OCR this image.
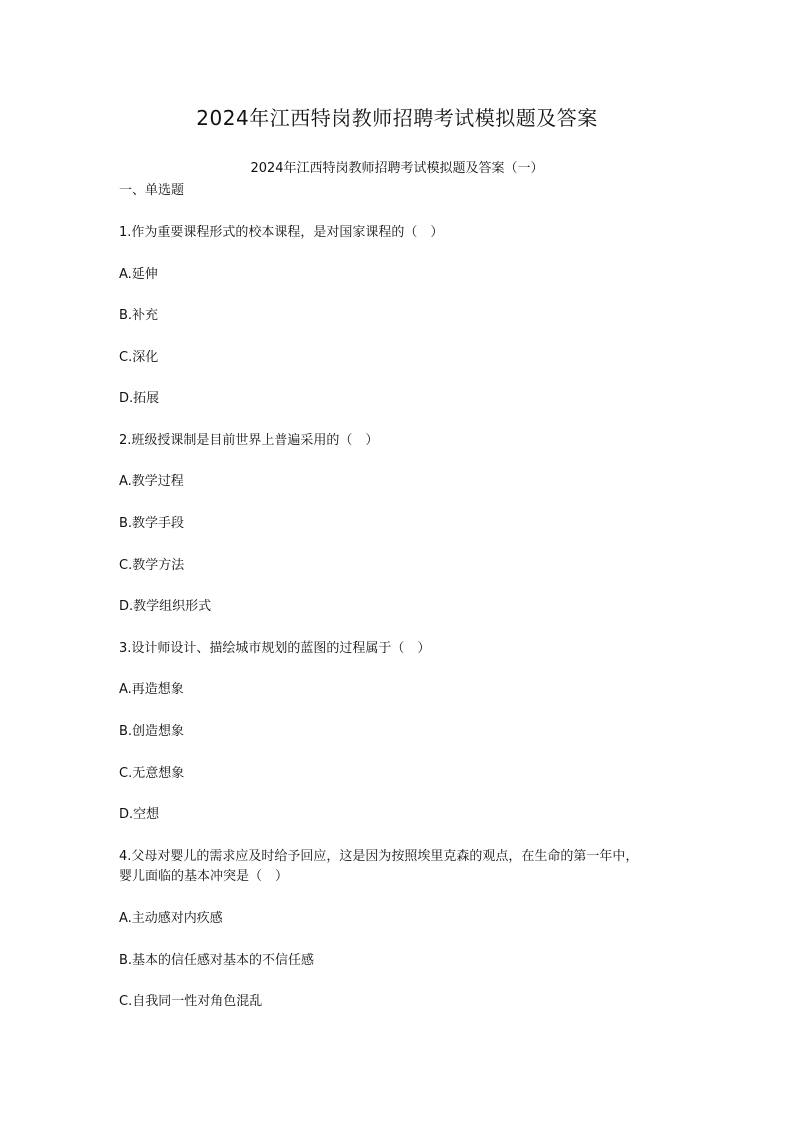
2024年江西特岗教师招聘考试模拟题及答案
2024年江西特岗教师招聘考试模拟题及答案（一）
一、单选题
1.作为重要课程形式的校本课程，是对国家课程的（　）
A.延伸
B.补充
C.深化
D.拓展
2.班级授课制是目前世界上普遍采用的（　）
A.教学过程
B.教学手段
C.教学方法
D.教学组织形式
3.设计师设计、描绘城市规划的蓝图的过程属于（　）
A.再造想象
B.创造想象
C.无意想象
D.空想
4.父母对婴儿的需求应及时给予回应，这是因为按照埃里克森的观点，在生命的第一年中，
婴儿面临的基本冲突是（　）
A.主动感对内疚感
B.基本的信任感对基本的不信任感
C.自我同一性对角色混乱
